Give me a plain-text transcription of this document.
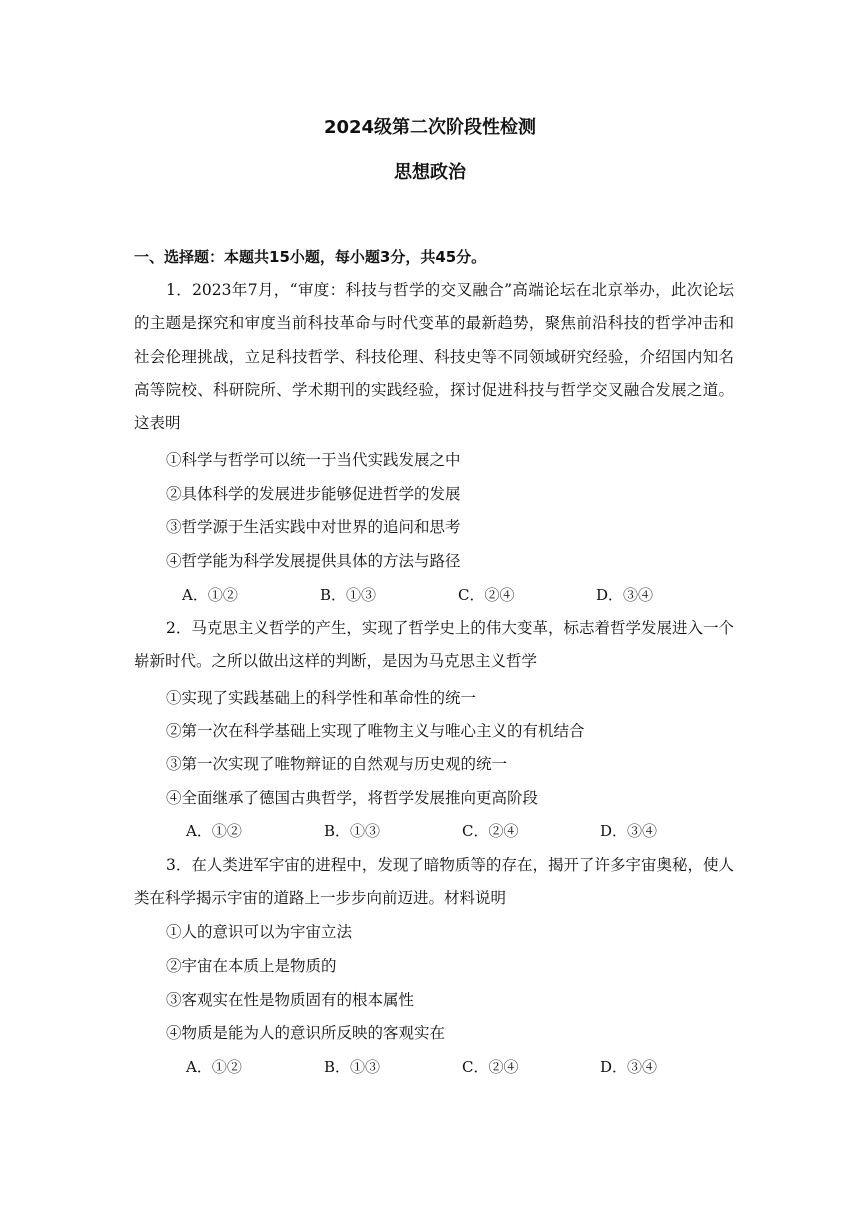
2024级第二次阶段性检测
思想政治
一、选择题：本题共15小题，每小题3分，共45分。
1．2023年7月，“审度：科技与哲学的交叉融合”高端论坛在北京举办，此次论坛的主题是探究和审度当前科技革命与时代变革的最新趋势，聚焦前沿科技的哲学冲击和社会伦理挑战，立足科技哲学、科技伦理、科技史等不同领域研究经验，介绍国内知名高等院校、科研院所、学术期刊的实践经验，探讨促进科技与哲学交叉融合发展之道。这表明
①科学与哲学可以统一于当代实践发展之中
②具体科学的发展进步能够促进哲学的发展
③哲学源于生活实践中对世界的追问和思考
④哲学能为科学发展提供具体的方法与路径
A．①②	B．①③	C．②④	D．③④
2．马克思主义哲学的产生，实现了哲学史上的伟大变革，标志着哲学发展进入一个崭新时代。之所以做出这样的判断，是因为马克思主义哲学
①实现了实践基础上的科学性和革命性的统一
②第一次在科学基础上实现了唯物主义与唯心主义的有机结合
③第一次实现了唯物辩证的自然观与历史观的统一
④全面继承了德国古典哲学，将哲学发展推向更高阶段
A．①②	B．①③	C．②④	D．③④
3．在人类进军宇宙的进程中，发现了暗物质等的存在，揭开了许多宇宙奥秘，使人类在科学揭示宇宙的道路上一步步向前迈进。材料说明
①人的意识可以为宇宙立法
②宇宙在本质上是物质的
③客观实在性是物质固有的根本属性
④物质是能为人的意识所反映的客观实在
A．①②	B．①③	C．②④	D．③④
